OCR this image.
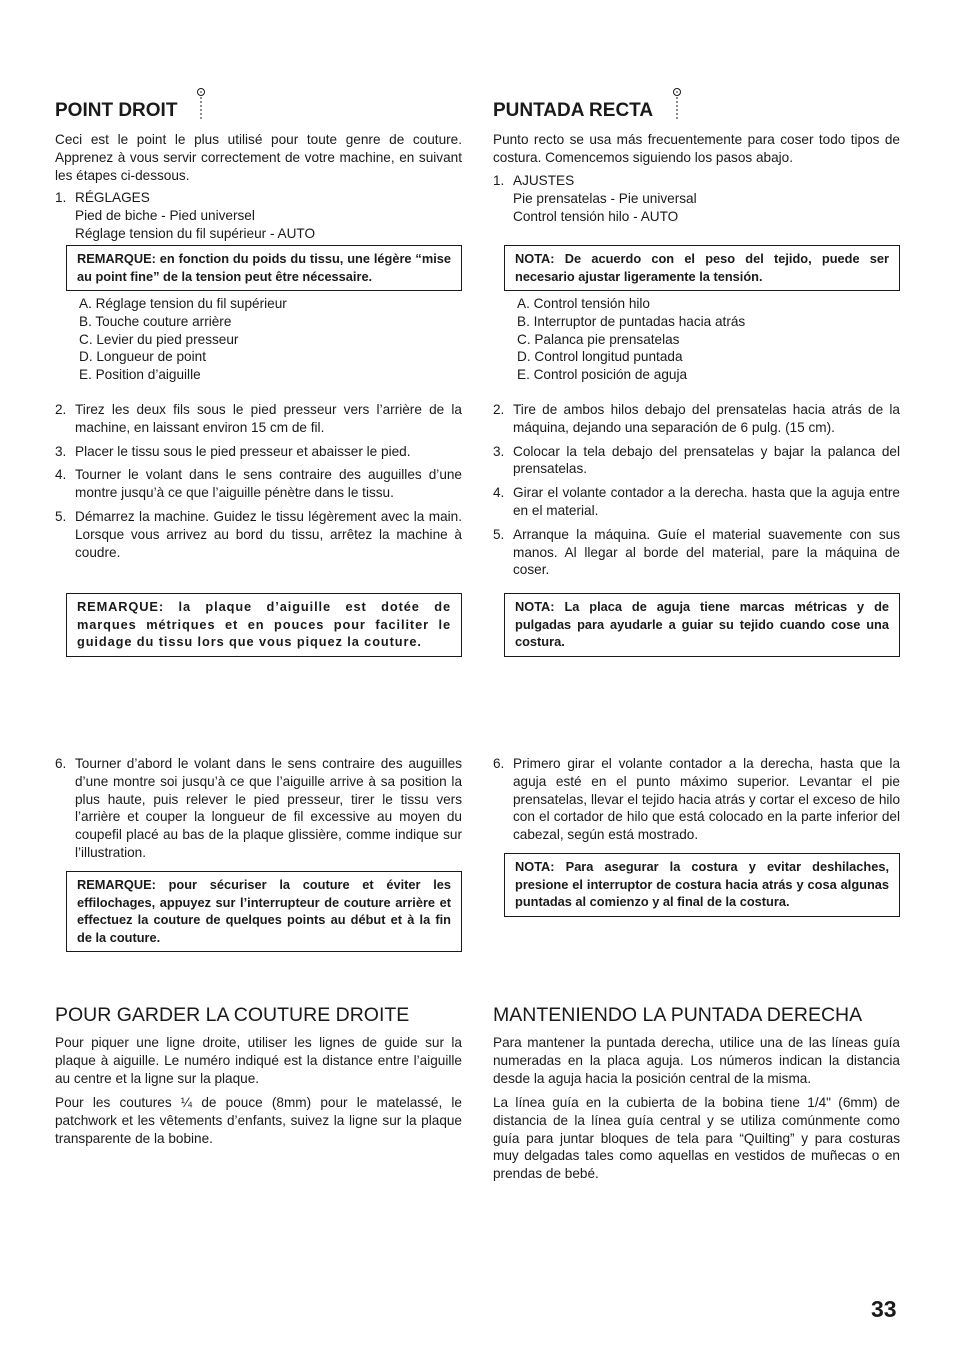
POINT DROIT

Ceci est le point le plus utilisé pour toute genre de couture. Apprenez à vous servir correctement de votre machine, en suivant les étapes ci-dessous.

1. RÉGLAGES
Pied de biche - Pied universel
Réglage tension du fil supérieur - AUTO
REMARQUE: en fonction du poids du tissu, une légère “mise au point fine” de la tension peut être nécessaire.
A. Réglage tension du fil supérieur
B. Touche couture arrière
C. Levier du pied presseur
D. Longueur de point
E. Position d’aiguille
2. Tirez les deux fils sous le pied presseur vers l’arrière de la machine, en laissant environ 15 cm de fil.
3. Placer le tissu sous le pied presseur et abaisser le pied.
4. Tourner le volant dans le sens contraire des auguilles d’une montre jusqu’à ce que l’aiguille pénètre dans le tissu.
5. Démarrez la machine. Guidez le tissu légèrement avec la main. Lorsque vous arrivez au bord du tissu, arrêtez la machine à coudre.
REMARQUE: la plaque d’aiguille est dotée de marques métriques et en pouces pour faciliter le guidage du tissu lors que vous piquez la couture.
6. Tourner d’abord le volant dans le sens contraire des auguilles d’une montre soi jusqu’à ce que l’aiguille arrive à sa position la plus haute, puis relever le pied presseur, tirer le tissu vers l’arrière et couper la longueur de fil excessive au moyen du coupefil placé au bas de la plaque glissière, comme indique sur l’illustration.
REMARQUE: pour sécuriser la couture et éviter les effilochages, appuyez sur l’interrupteur de couture arrière et effectuez la couture de quelques points au début et à la fin de la couture.
POUR GARDER LA COUTURE DROITE

Pour piquer une ligne droite, utiliser les lignes de guide sur la plaque à aiguille. Le numéro indiqué est la distance entre l’aiguille au centre et la ligne sur la plaque.

Pour les coutures ¼ de pouce (8mm) pour le matelassé, le patchwork et les vêtements d’enfants, suivez la ligne sur la plaque transparente de la bobine.

PUNTADA RECTA

Punto recto se usa más frecuentemente para coser todo tipos de costura. Comencemos siguiendo los pasos abajo.

1. AJUSTES
Pie prensatelas - Pie universal
Control tensión hilo - AUTO
NOTA: De acuerdo con el peso del tejido, puede ser necesario ajustar ligeramente la tensión.
A. Control tensión hilo
B. Interruptor de puntadas hacia atrás
C. Palanca pie prensatelas
D. Control longitud puntada
E. Control posición de aguja
2. Tire de ambos hilos debajo del prensatelas hacia atrás de la máquina, dejando una separación de 6 pulg. (15 cm).
3. Colocar la tela debajo del prensatelas y bajar la palanca del prensatelas.
4. Girar el volante contador a la derecha. hasta que la aguja entre en el material.
5. Arranque la máquina. Guíe el material suavemente con sus manos. Al llegar al borde del material, pare la máquina de coser.
NOTA: La placa de aguja tiene marcas métricas y de pulgadas para ayudarle a guiar su tejido cuando cose una costura.
6. Primero girar el volante contador a la derecha, hasta que la aguja esté en el punto máximo superior. Levantar el pie prensatelas, llevar el tejido hacia atrás y cortar el exceso de hilo con el cortador de hilo que está colocado en la parte inferior del cabezal, según está mostrado.
NOTA: Para asegurar la costura y evitar deshilaches, presione el interruptor de costura hacia atrás y cosa algunas puntadas al comienzo y al final de la costura.
MANTENIENDO LA PUNTADA DERECHA

Para mantener la puntada derecha, utilice una de las líneas guía numeradas en la placa aguja. Los números indican la distancia desde la aguja hacia la posición central de la misma.

La línea guía en la cubierta de la bobina tiene 1/4" (6mm) de distancia de la línea guía central y se utiliza comúnmente como guía para juntar bloques de tela para “Quilting” y para costuras muy delgadas tales como aquellas en vestidos de muñecas o en prendas de bebé.

33
